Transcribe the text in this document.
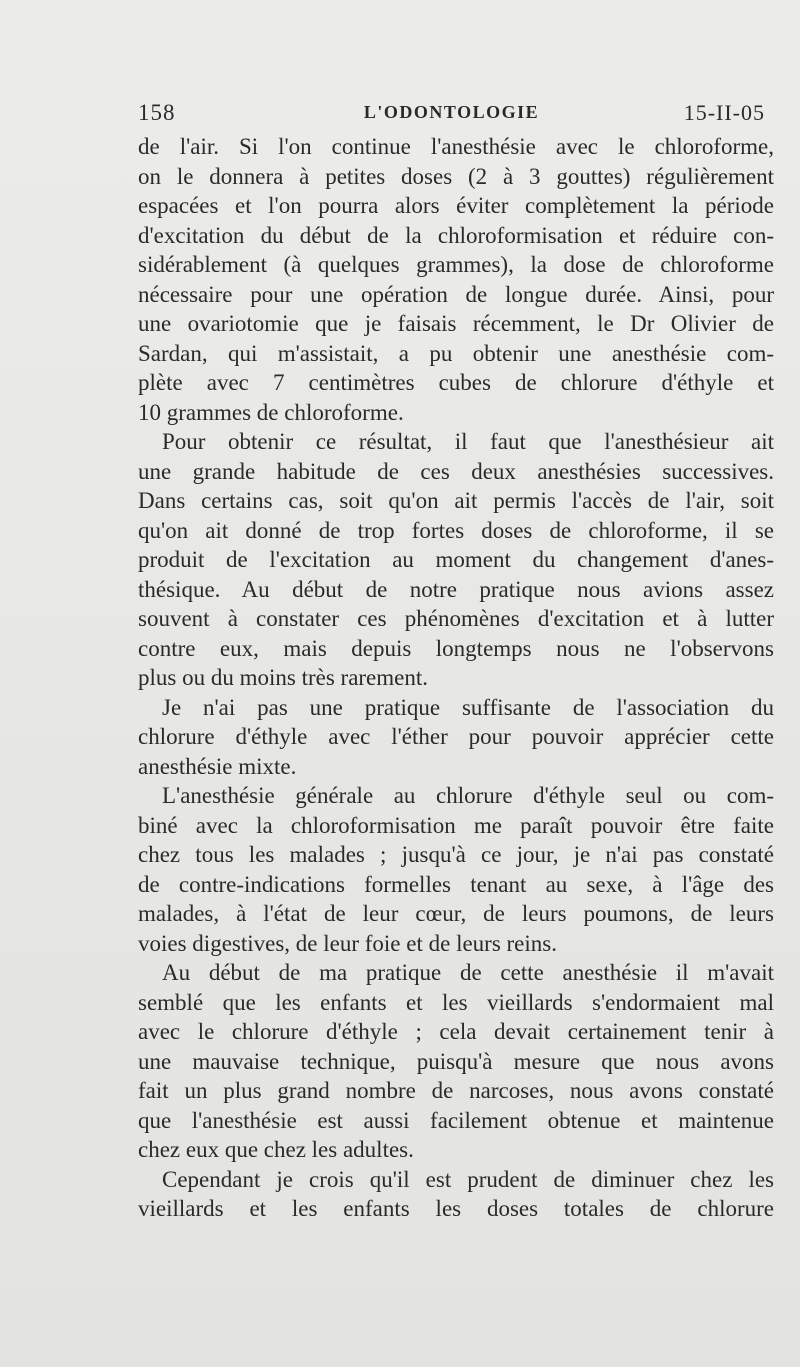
158	L'ODONTOLOGIE	15-II-05
de l'air. Si l'on continue l'anesthésie avec le chloroforme,
on le donnera à petites doses (2 à 3 gouttes) régulièrement
espacées et l'on pourra alors éviter complètement la période
d'excitation du début de la chloroformisation et réduire con-
sidérablement (à quelques grammes), la dose de chloroforme
nécessaire pour une opération de longue durée. Ainsi, pour
une ovariotomie que je faisais récemment, le Dr Olivier de
Sardan, qui m'assistait, a pu obtenir une anesthésie com-
plète avec 7 centimètres cubes de chlorure d'éthyle et
10 grammes de chloroforme.
Pour obtenir ce résultat, il faut que l'anesthésieur ait
une grande habitude de ces deux anesthésies successives.
Dans certains cas, soit qu'on ait permis l'accès de l'air, soit
qu'on ait donné de trop fortes doses de chloroforme, il se
produit de l'excitation au moment du changement d'anes-
thésique. Au début de notre pratique nous avions assez
souvent à constater ces phénomènes d'excitation et à lutter
contre eux, mais depuis longtemps nous ne l'observons
plus ou du moins très rarement.
Je n'ai pas une pratique suffisante de l'association du
chlorure d'éthyle avec l'éther pour pouvoir apprécier cette
anesthésie mixte.
L'anesthésie générale au chlorure d'éthyle seul ou com-
biné avec la chloroformisation me paraît pouvoir être faite
chez tous les malades ; jusqu'à ce jour, je n'ai pas constaté
de contre-indications formelles tenant au sexe, à l'âge des
malades, à l'état de leur cœur, de leurs poumons, de leurs
voies digestives, de leur foie et de leurs reins.
Au début de ma pratique de cette anesthésie il m'avait
semblé que les enfants et les vieillards s'endormaient mal
avec le chlorure d'éthyle ; cela devait certainement tenir à
une mauvaise technique, puisqu'à mesure que nous avons
fait un plus grand nombre de narcoses, nous avons constaté
que l'anesthésie est aussi facilement obtenue et maintenue
chez eux que chez les adultes.
Cependant je crois qu'il est prudent de diminuer chez les
vieillards et les enfants les doses totales de chlorure
